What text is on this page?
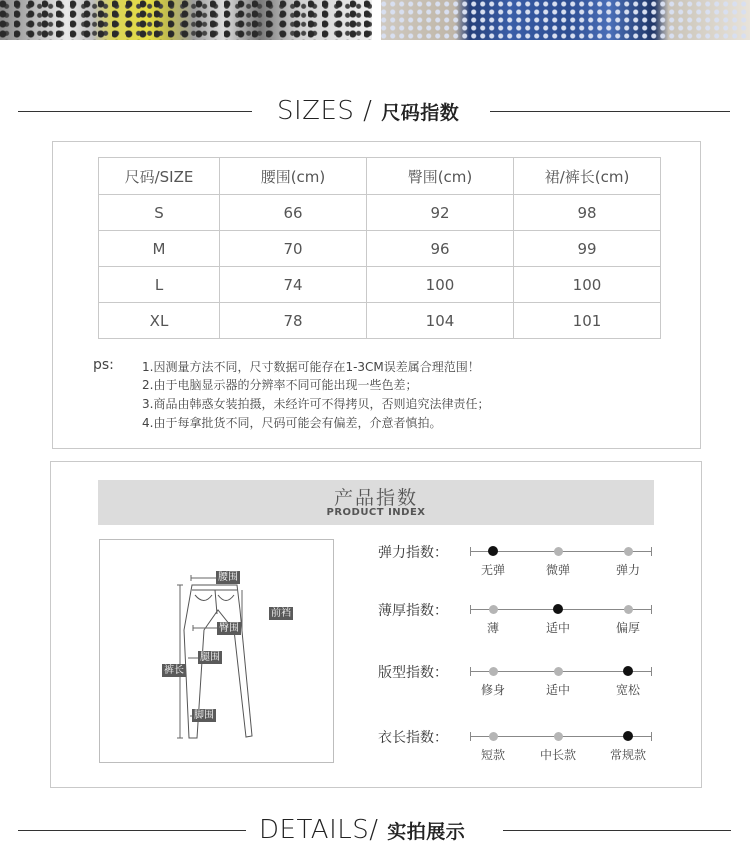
SIZES / 尺码指数
尺码/SIZE	腰围(cm)	臀围(cm)	裙/裤长(cm)
S	66	92	98
M	70	96	99
L	74	100	100
XL	78	104	101
ps: 1.因测量方法不同，尺寸数据可能存在1-3CM误差属合理范围！
2.由于电脑显示器的分辨率不同可能出现一些色差；
3.商品由韩惑女装拍摄，未经许可不得拷贝，否则追究法律责任；
4.由于每拿批货不同，尺码可能会有偏差，介意者慎拍。
产品指数
PRODUCT INDEX
腰围
前裆
臀围
裤长
腿围
脚围
弹力指数：
无弹	微弹	弹力
薄厚指数：
薄	适中	偏厚
版型指数：
修身	适中	宽松
衣长指数：
短款	中长款	常规款
DETAILS/ 实拍展示
